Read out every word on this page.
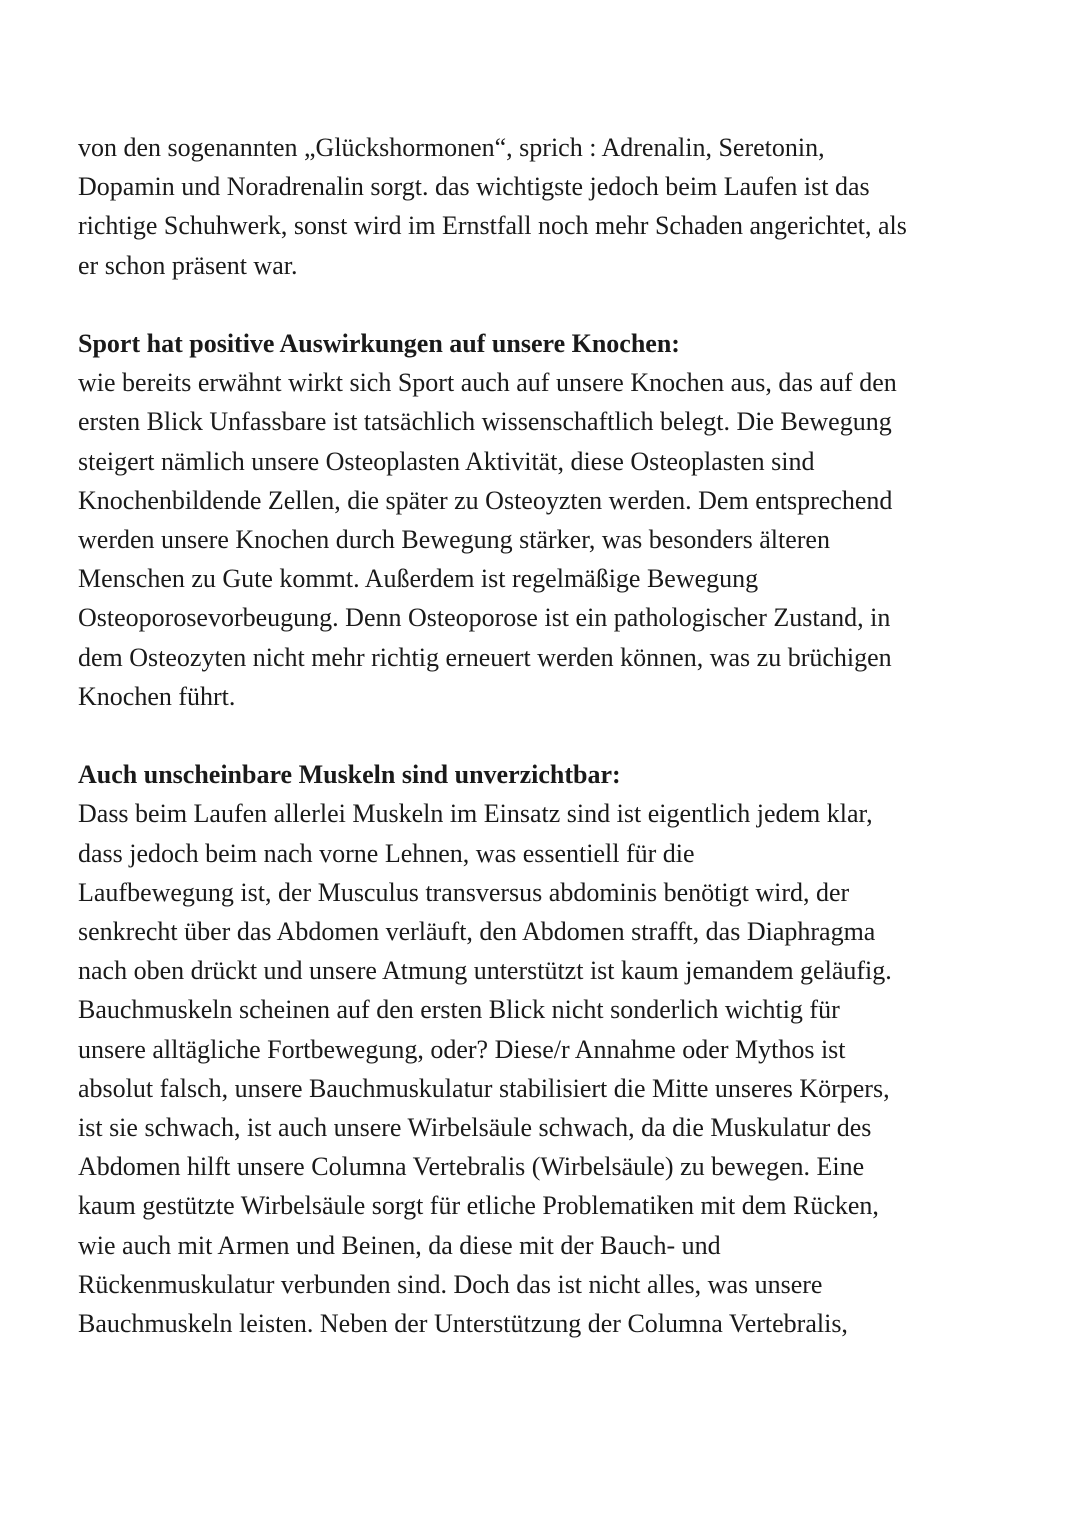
von den sogenannten „Glückshormonen“, sprich : Adrenalin, Seretonin,
Dopamin und Noradrenalin sorgt. das wichtigste jedoch beim Laufen ist das
richtige Schuhwerk, sonst wird im Ernstfall noch mehr Schaden angerichtet, als
er schon präsent war.
Sport hat positive Auswirkungen auf unsere Knochen:
wie bereits erwähnt wirkt sich Sport auch auf unsere Knochen aus, das auf den
ersten Blick Unfassbare ist tatsächlich wissenschaftlich belegt. Die Bewegung
steigert nämlich unsere Osteoplasten Aktivität, diese Osteoplasten sind
Knochenbildende Zellen, die später zu Osteoyzten werden. Dem entsprechend
werden unsere Knochen durch Bewegung stärker, was besonders älteren
Menschen zu Gute kommt. Außerdem ist regelmäßige Bewegung
Osteoporosevorbeugung. Denn Osteoporose ist ein pathologischer Zustand, in
dem Osteozyten nicht mehr richtig erneuert werden können, was zu brüchigen
Knochen führt.
Auch unscheinbare Muskeln sind unverzichtbar:
Dass beim Laufen allerlei Muskeln im Einsatz sind ist eigentlich jedem klar,
dass jedoch beim nach vorne Lehnen, was essentiell für die
Laufbewegung ist, der Musculus transversus abdominis benötigt wird, der
senkrecht über das Abdomen verläuft, den Abdomen strafft, das Diaphragma
nach oben drückt und unsere Atmung unterstützt ist kaum jemandem geläufig.
Bauchmuskeln scheinen auf den ersten Blick nicht sonderlich wichtig für
unsere alltägliche Fortbewegung, oder? Diese/r Annahme oder Mythos ist
absolut falsch, unsere Bauchmuskulatur stabilisiert die Mitte unseres Körpers,
ist sie schwach, ist auch unsere Wirbelsäule schwach, da die Muskulatur des
Abdomen hilft unsere Columna Vertebralis (Wirbelsäule) zu bewegen. Eine
kaum gestützte Wirbelsäule sorgt für etliche Problematiken mit dem Rücken,
wie auch mit Armen und Beinen, da diese mit der Bauch- und
Rückenmuskulatur verbunden sind. Doch das ist nicht alles, was unsere
Bauchmuskeln leisten. Neben der Unterstützung der Columna Vertebralis,
